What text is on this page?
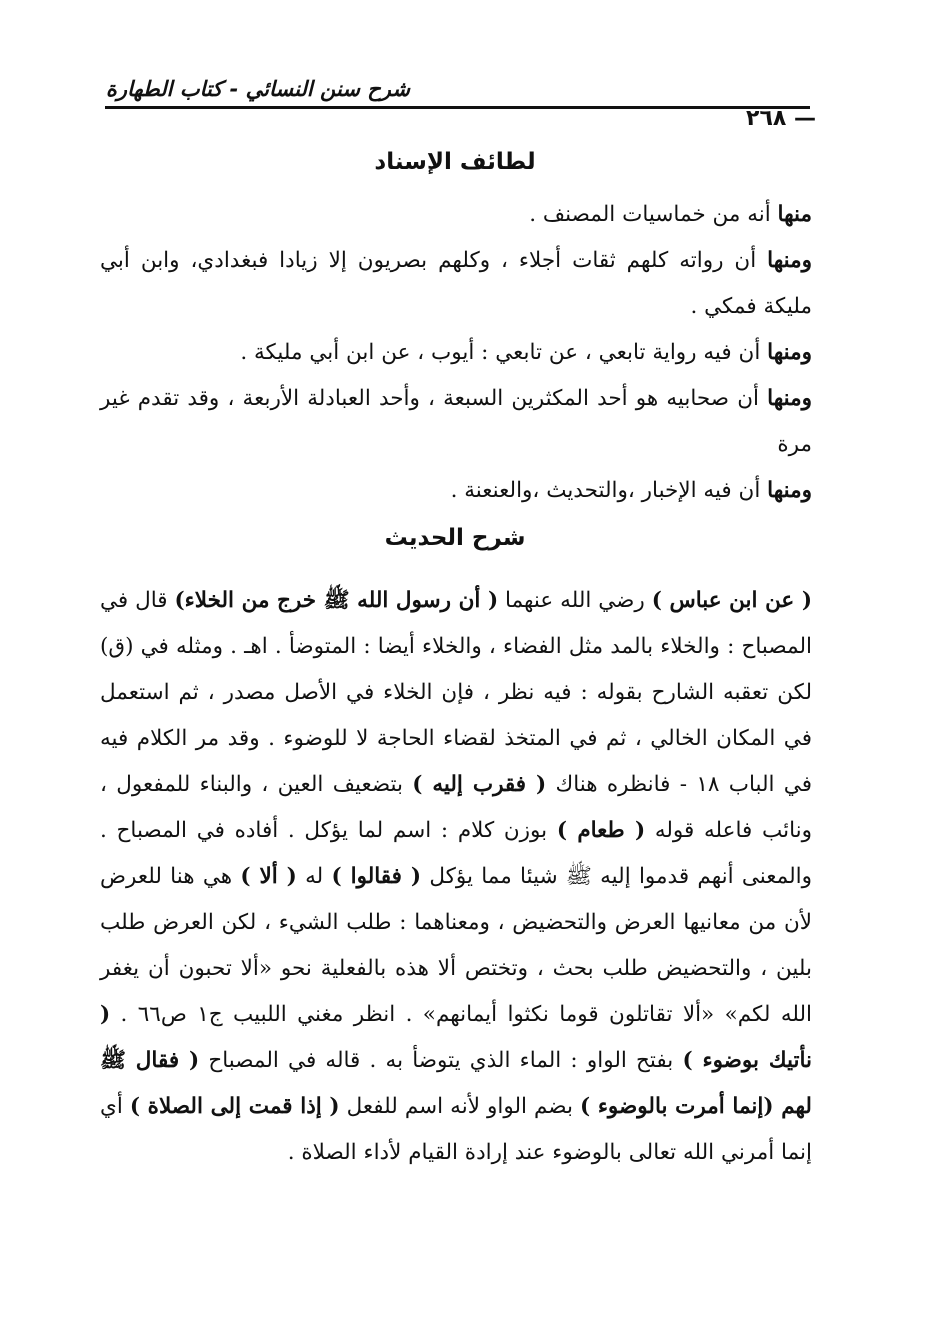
شرح سنن النسائي - كتاب الطهارة
— ٢٦٨
لطائف الإسناد

منها أنه من خماسيات المصنف .

ومنها أن رواته كلهم ثقات أجلاء ، وكلهم بصريون إلا زيادا فبغدادي، وابن أبي مليكة فمكي .

ومنها أن فيه رواية تابعي ، عن تابعي : أيوب ، عن ابن أبي مليكة .

ومنها أن صحابيه هو أحد المكثرين السبعة ، وأحد العبادلة الأربعة ، وقد تقدم غير مرة

ومنها أن فيه الإخبار ،والتحديث ،والعنعنة .

شرح الحديث

( عن ابن عباس ) رضي الله عنهما ( أن رسول الله ﷺ خرج من الخلاء) قال في المصباح : والخلاء بالمد مثل الفضاء ، والخلاء أيضا : المتوضأ . اهـ . ومثله في (ق) لكن تعقبه الشارح بقوله : فيه نظر ، فإن الخلاء في الأصل مصدر ، ثم استعمل في المكان الخالي ، ثم في المتخذ لقضاء الحاجة لا للوضوء . وقد مر الكلام فيه في الباب ١٨ - فانظره هناك ( فقرب إليه ) بتضعيف العين ، والبناء للمفعول ، ونائب فاعله قوله ( طعام ) بوزن كلام : اسم لما يؤكل . أفاده في المصباح . والمعنى أنهم قدموا إليه ﷺ شيئا مما يؤكل ( فقالوا ) له ( ألا ) هي هنا للعرض لأن من معانيها العرض والتحضيض ، ومعناهما : طلب الشيء ، لكن العرض طلب بلين ، والتحضيض طلب بحث ، وتختص ألا هذه بالفعلية نحو «ألا تحبون أن يغفر الله لكم» «ألا تقاتلون قوما نكثوا أيمانهم» . انظر مغني اللبيب ج١ ص٦٦ . ( نأتيك بوضوء ) بفتح الواو : الماء الذي يتوضأ به . قاله في المصباح ( فقال ﷺ لهم (إنما أمرت بالوضوء ) بضم الواو لأنه اسم للفعل ( إذا قمت إلى الصلاة ) أي إنما أمرني الله تعالى بالوضوء عند إرادة القيام لأداء الصلاة .
